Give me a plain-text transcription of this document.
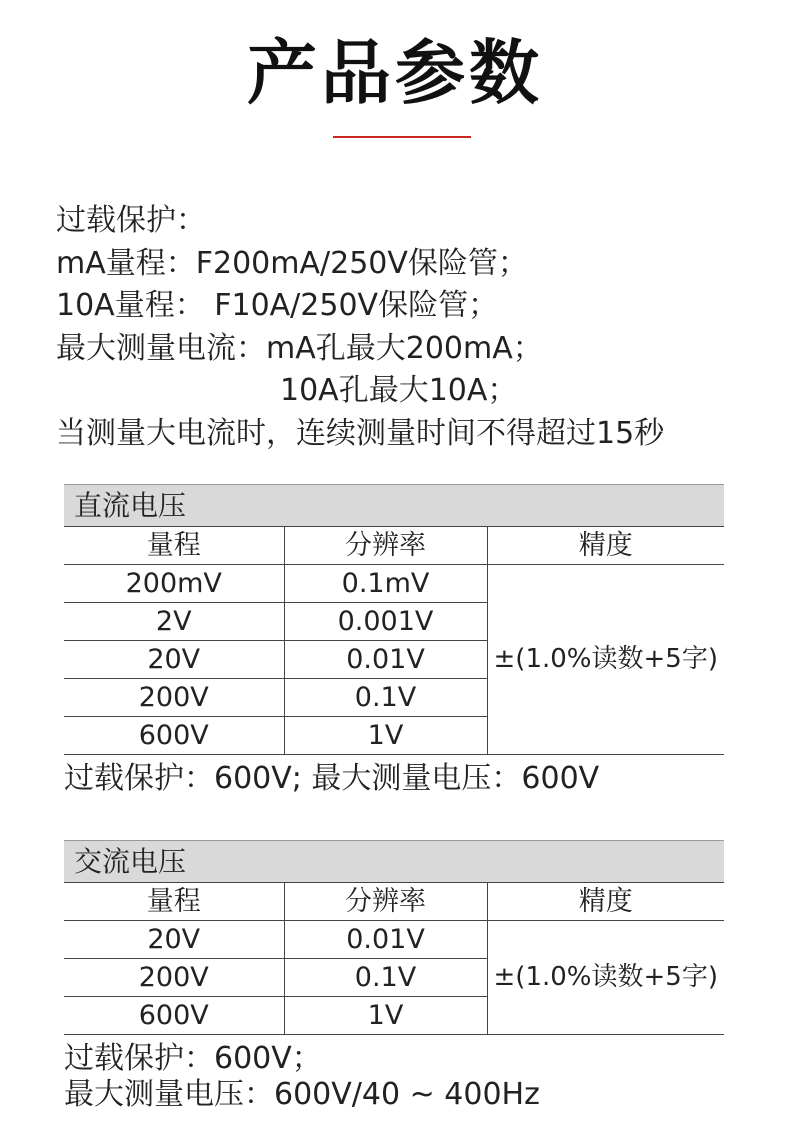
产品参数
过载保护：
mA量程：F200mA/250V保险管；
10A量程： F10A/250V保险管；
最大测量电流：mA孔最大200mA；
10A孔最大10A；
当测量大电流时，连续测量时间不得超过15秒
直流电压
量程	分辨率	精度
200mV	0.1mV	±(1.0%读数+5字)
2V	0.001V	
20V	0.01V	
200V	0.1V	
600V	1V	
过载保护：600V; 最大测量电压：600V
交流电压
量程	分辨率	精度
20V	0.01V	±(1.0%读数+5字)
200V	0.1V	
600V	1V	
过载保护：600V；
最大测量电压：600V/40 ~ 400Hz
